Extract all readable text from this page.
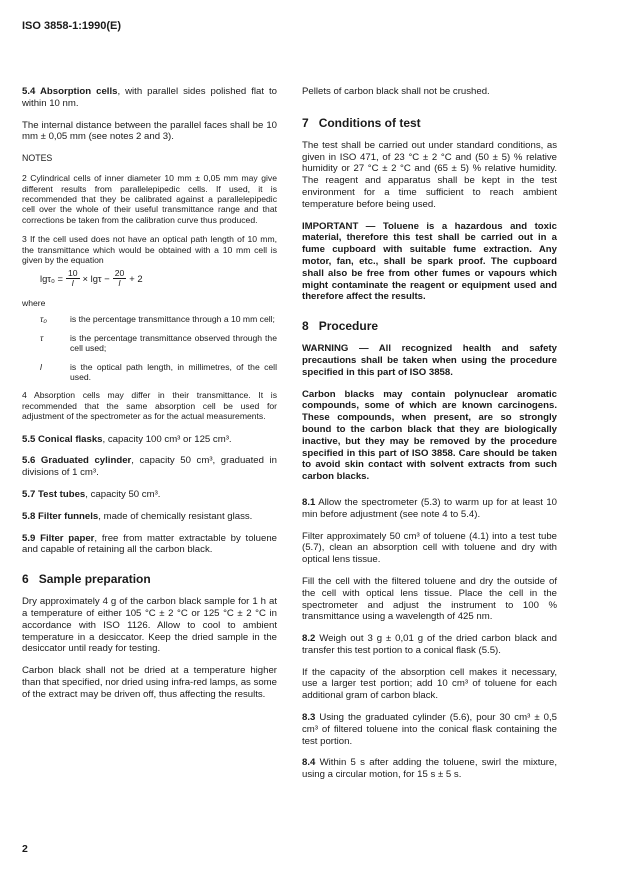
ISO 3858-1:1990(E)

5.4 Absorption cells, with parallel sides polished flat to within 10 nm.

The internal distance between the parallel faces shall be 10 mm ± 0,05 mm (see notes 2 and 3).

NOTES

2 Cylindrical cells of inner diameter 10 mm ± 0,05 mm may give different results from parallelepipedic cells. If used, it is recommended that they be calibrated against a parallelepipedic cell over the whole of their useful transmittance range and that corrections be taken from the calibration curve thus produced.

3 If the cell used does not have an optical path length of 10 mm, the transmittance which would be obtained with a 10 mm cell is given by the equation

$\lg\tau_0 = \frac{10}{l} \times \lg\tau - \frac{20}{l} + 2$
where
τ₀	is the percentage transmittance through a 10 mm cell;
τ	is the percentage transmittance observed through the cell used;
l	is the optical path length, in millimetres, of the cell used.

4 Absorption cells may differ in their transmittance. It is recommended that the same absorption cell be used for adjustment of the spectrometer as for the actual measurements.

5.5 Conical flasks, capacity 100 cm³ or 125 cm³.

5.6 Graduated cylinder, capacity 50 cm³, graduated in divisions of 1 cm³.

5.7 Test tubes, capacity 50 cm³.

5.8 Filter funnels, made of chemically resistant glass.

5.9 Filter paper, free from matter extractable by toluene and capable of retaining all the carbon black.

6 Sample preparation

Dry approximately 4 g of the carbon black sample for 1 h at a temperature of either 105 °C ± 2 °C or 125 °C ± 2 °C in accordance with ISO 1126. Allow to cool to ambient temperature in a desiccator. Keep the dried sample in the desiccator until ready for testing.

Carbon black shall not be dried at a temperature higher than that specified, nor dried using infra-red lamps, as some of the extract may be driven off, thus affecting the results.

Pellets of carbon black shall not be crushed.

7 Conditions of test

The test shall be carried out under standard conditions, as given in ISO 471, of 23 °C ± 2 °C and (50 ± 5) % relative humidity or 27 °C ± 2 °C and (65 ± 5) % relative humidity. The reagent and apparatus shall be kept in the test environment for a time sufficient to reach ambient temperature before being used.

IMPORTANT — Toluene is a hazardous and toxic material, therefore this test shall be carried out in a fume cupboard with suitable fume extraction. Any motor, fan, etc., shall be spark proof. The cupboard shall also be free from other fumes or vapours which might contaminate the reagent or equipment used and therefore affect the results.

8 Procedure

WARNING — All recognized health and safety precautions shall be taken when using the procedure specified in this part of ISO 3858.

Carbon blacks may contain polynuclear aromatic compounds, some of which are known carcinogens. These compounds, when present, are so strongly bound to the carbon black that they are biologically inactive, but they may be removed by the procedure specified in this part of ISO 3858. Care should be taken to avoid skin contact with solvent extracts from such carbon blacks.

8.1 Allow the spectrometer (5.3) to warm up for at least 10 min before adjustment (see note 4 to 5.4).

Filter approximately 50 cm³ of toluene (4.1) into a test tube (5.7), clean an absorption cell with toluene and dry with optical lens tissue.

Fill the cell with the filtered toluene and dry the outside of the cell with optical lens tissue. Place the cell in the spectrometer and adjust the instrument to 100 % transmittance using a wavelength of 425 nm.

8.2 Weigh out 3 g ± 0,01 g of the dried carbon black and transfer this test portion to a conical flask (5.5).

If the capacity of the absorption cell makes it necessary, use a larger test portion; add 10 cm³ of toluene for each additional gram of carbon black.

8.3 Using the graduated cylinder (5.6), pour 30 cm³ ± 0,5 cm³ of filtered toluene into the conical flask containing the test portion.

8.4 Within 5 s after adding the toluene, swirl the mixture, using a circular motion, for 15 s ± 5 s.

2
